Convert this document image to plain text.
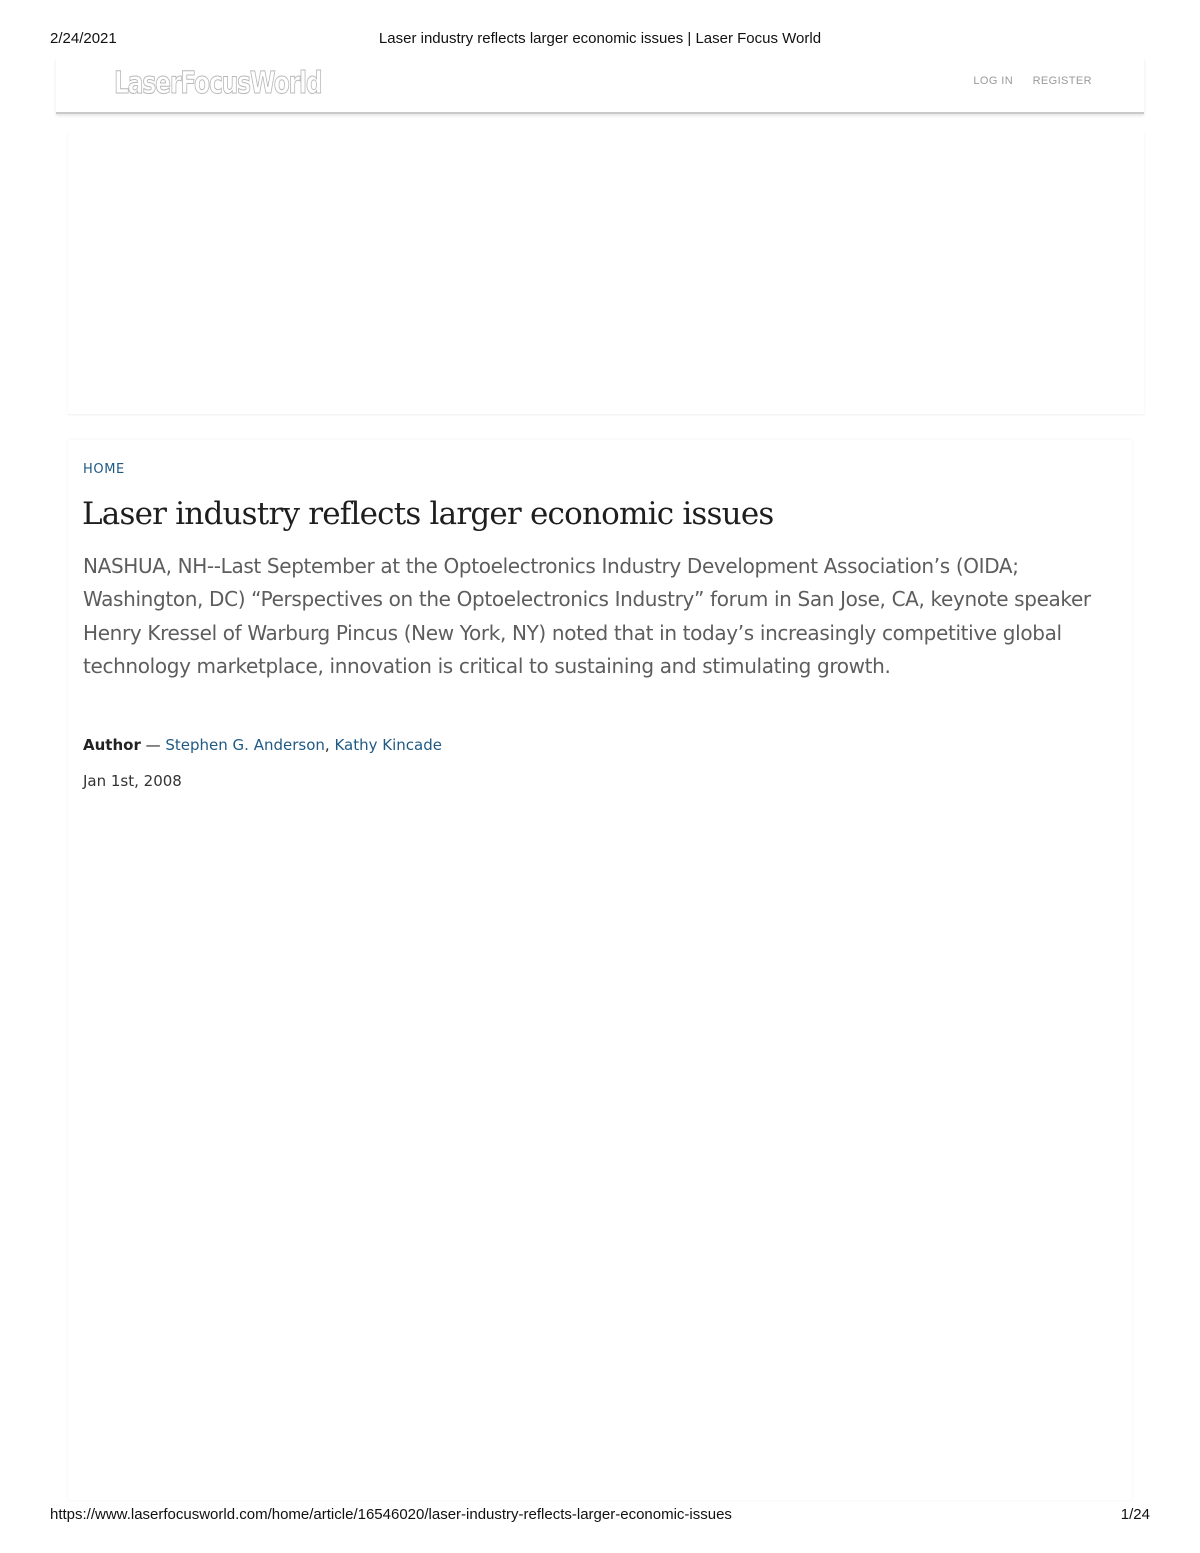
2/24/2021	Laser industry reflects larger economic issues | Laser Focus World
LaserFocusWorld	LOG IN REGISTER
HOME
Laser industry reflects larger economic issues

NASHUA, NH--Last September at the Optoelectronics Industry Development Association’s (OIDA; Washington, DC) “Perspectives on the Optoelectronics Industry” forum in San Jose, CA, keynote speaker Henry Kressel of Warburg Pincus (New York, NY) noted that in today’s increasingly competitive global technology marketplace, innovation is critical to sustaining and stimulating growth.

Author — Stephen G. Anderson, Kathy Kincade
Jan 1st, 2008
https://www.laserfocusworld.com/home/article/16546020/laser-industry-reflects-larger-economic-issues	1/24
